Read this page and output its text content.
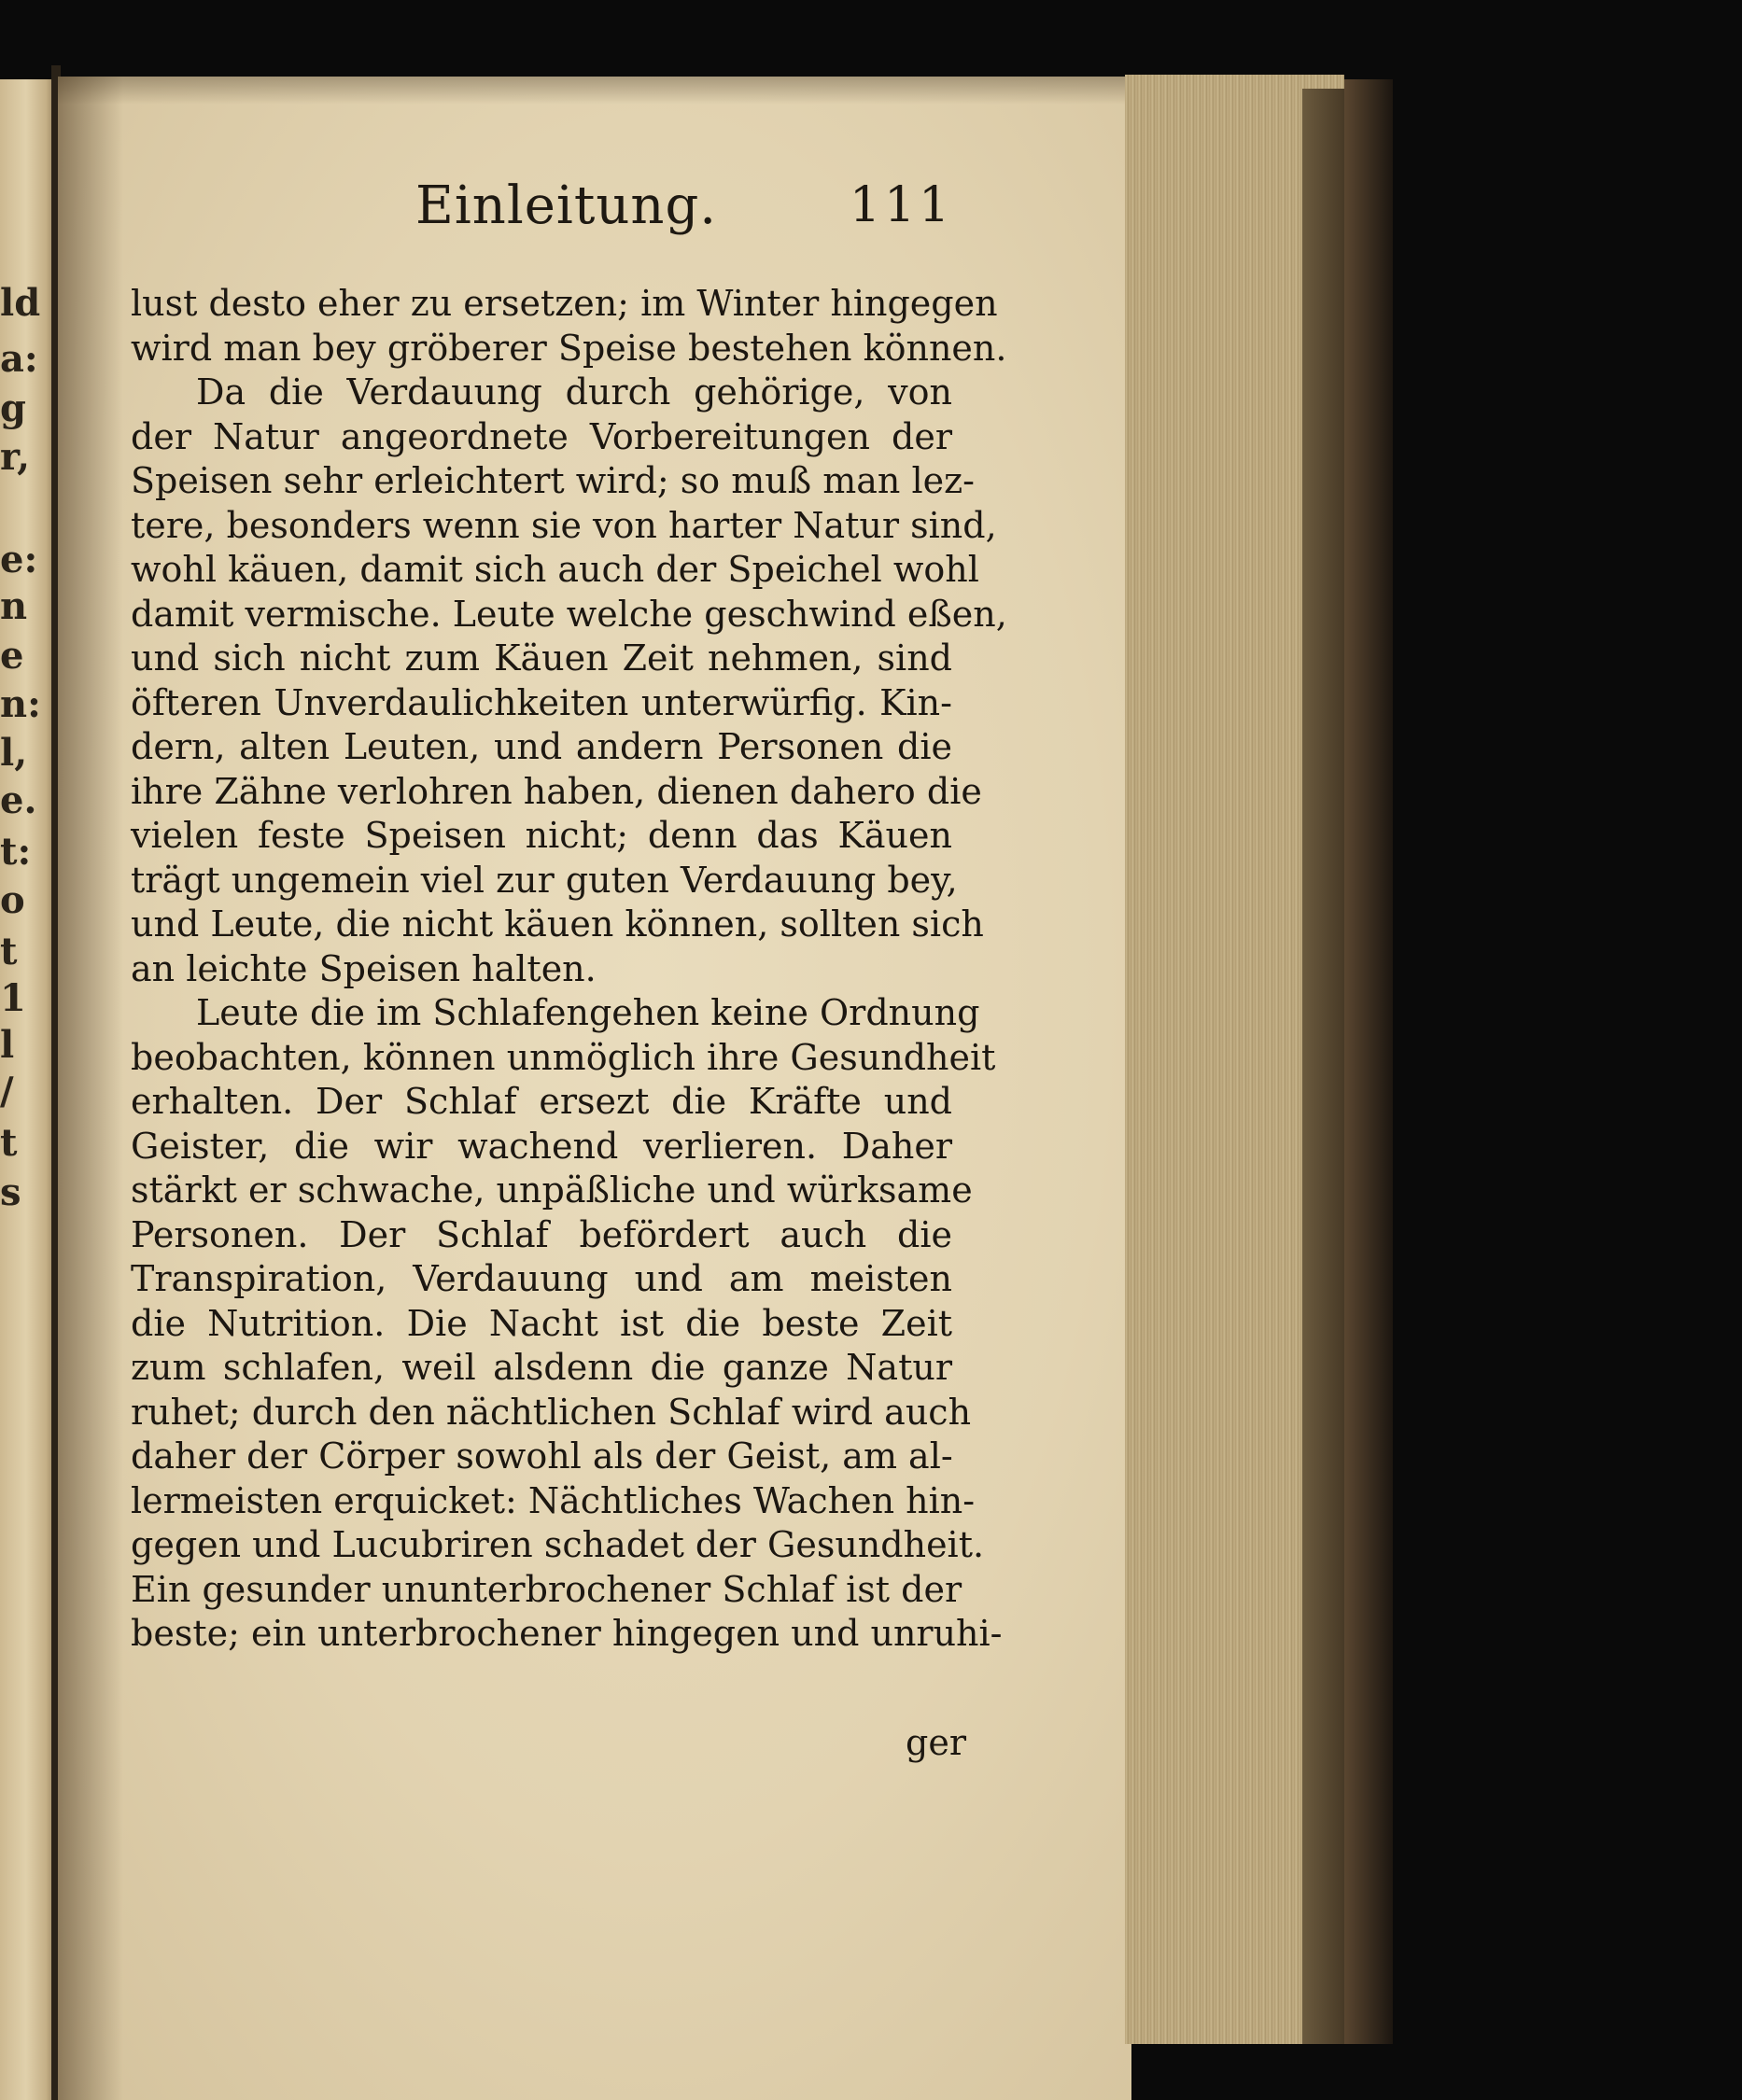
ld
a:
g
r,
e:
n
e
n:
l,
e.
t:
o
t
1
l
/
t
s
Einleitung.	111
lust desto eher zu ersetzen; im Winter hingegen
wird man bey gröberer Speise bestehen können.
Da die Verdauung durch gehörige, von
der Natur angeordnete Vorbereitungen der
Speisen sehr erleichtert wird; so muß man lez-
tere, besonders wenn sie von harter Natur sind,
wohl käuen, damit sich auch der Speichel wohl
damit vermische. Leute welche geschwind eßen,
und sich nicht zum Käuen Zeit nehmen, sind
öfteren Unverdaulichkeiten unterwürfig. Kin-
dern, alten Leuten, und andern Personen die
ihre Zähne verlohren haben, dienen dahero die
vielen feste Speisen nicht; denn das Käuen
trägt ungemein viel zur guten Verdauung bey,
und Leute, die nicht käuen können, sollten sich
an leichte Speisen halten.
Leute die im Schlafengehen keine Ordnung
beobachten, können unmöglich ihre Gesundheit
erhalten. Der Schlaf ersezt die Kräfte und
Geister, die wir wachend verlieren. Daher
stärkt er schwache, unpäßliche und würksame
Personen. Der Schlaf befördert auch die
Transpiration, Verdauung und am meisten
die Nutrition. Die Nacht ist die beste Zeit
zum schlafen, weil alsdenn die ganze Natur
ruhet; durch den nächtlichen Schlaf wird auch
daher der Cörper sowohl als der Geist, am al-
lermeisten erquicket: Nächtliches Wachen hin-
gegen und Lucubriren schadet der Gesundheit.
Ein gesunder ununterbrochener Schlaf ist der
beste; ein unterbrochener hingegen und unruhi-
ger
